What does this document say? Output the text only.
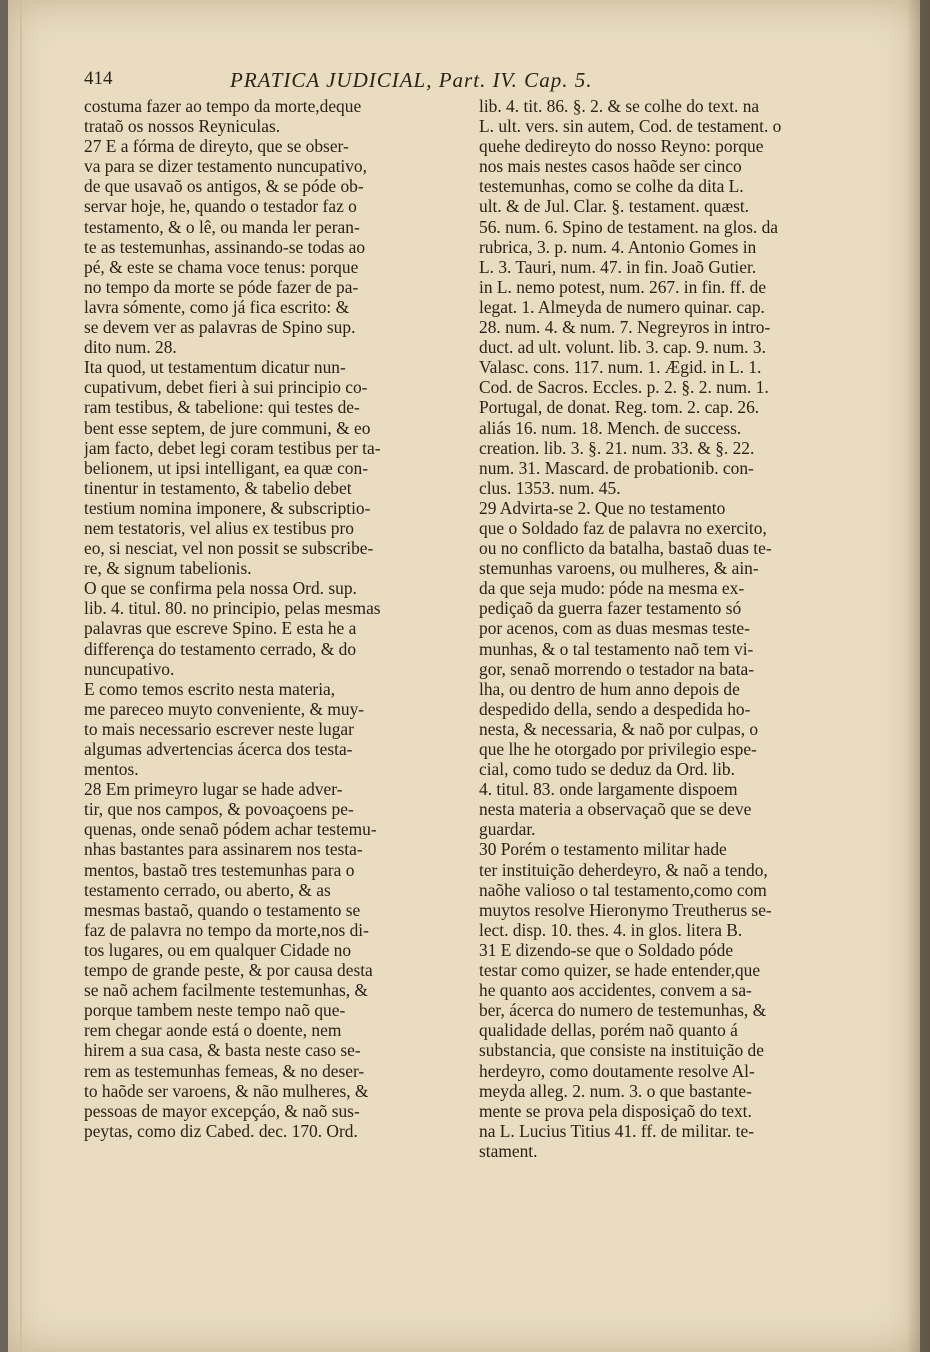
414	PRATICA JUDICIAL, Part. IV. Cap. 5.
costuma fazer ao tempo da morte,deque
trataõ os nossos Reyniculas.
27 E a fórma de direyto, que se obser-
va para se dizer testamento nuncupativo,
de que usavaõ os antigos, & se póde ob-
servar hoje, he, quando o testador faz o
testamento, & o lê, ou manda ler peran-
te as testemunhas, assinando-se todas ao
pé, & este se chama voce tenus: porque
no tempo da morte se póde fazer de pa-
lavra sómente, como já fica escrito: &
se devem ver as palavras de Spino sup.
dito num. 28.
Ita quod, ut testamentum dicatur nun-
cupativum, debet fieri à sui principio co-
ram testibus, & tabelione: qui testes de-
bent esse septem, de jure communi, & eo
jam facto, debet legi coram testibus per ta-
belionem, ut ipsi intelligant, ea quæ con-
tinentur in testamento, & tabelio debet
testium nomina imponere, & subscriptio-
nem testatoris, vel alius ex testibus pro
eo, si nesciat, vel non possit se subscribe-
re, & signum tabelionis.
O que se confirma pela nossa Ord. sup.
lib. 4. titul. 80. no principio, pelas mesmas
palavras que escreve Spino. E esta he a
differença do testamento cerrado, & do
nuncupativo.
E como temos escrito nesta materia,
me pareceo muyto conveniente, & muy-
to mais necessario escrever neste lugar
algumas advertencias ácerca dos testa-
mentos.
28 Em primeyro lugar se hade adver-
tir, que nos campos, & povoaçoens pe-
quenas, onde senaõ pódem achar testemu-
nhas bastantes para assinarem nos testa-
mentos, bastaõ tres testemunhas para o
testamento cerrado, ou aberto, & as
mesmas bastaõ, quando o testamento se
faz de palavra no tempo da morte,nos di-
tos lugares, ou em qualquer Cidade no
tempo de grande peste, & por causa desta
se naõ achem facilmente testemunhas, &
porque tambem neste tempo naõ que-
rem chegar aonde está o doente, nem
hirem a sua casa, & basta neste caso se-
rem as testemunhas femeas, & no deser-
to haõde ser varoens, & não mulheres, &
pessoas de mayor excepçáo, & naõ sus-
peytas, como diz Cabed. dec. 170. Ord.
lib. 4. tit. 86. §. 2. & se colhe do text. na
L. ult. vers. sin autem, Cod. de testament. o
quehe dedireyto do nosso Reyno: porque
nos mais nestes casos haõde ser cinco
testemunhas, como se colhe da dita L.
ult. & de Jul. Clar. §. testament. quæst.
56. num. 6. Spino de testament. na glos. da
rubrica, 3. p. num. 4. Antonio Gomes in
L. 3. Tauri, num. 47. in fin. Joaõ Gutier.
in L. nemo potest, num. 267. in fin. ff. de
legat. 1. Almeyda de numero quinar. cap.
28. num. 4. & num. 7. Negreyros in intro-
duct. ad ult. volunt. lib. 3. cap. 9. num. 3.
Valasc. cons. 117. num. 1. Ægid. in L. 1.
Cod. de Sacros. Eccles. p. 2. §. 2. num. 1.
Portugal, de donat. Reg. tom. 2. cap. 26.
aliás 16. num. 18. Mench. de success.
creation. lib. 3. §. 21. num. 33. & §. 22.
num. 31. Mascard. de probationib. con-
clus. 1353. num. 45.
29 Advirta-se 2. Que no testamento
que o Soldado faz de palavra no exercito,
ou no conflicto da batalha, bastaõ duas te-
stemunhas varoens, ou mulheres, & ain-
da que seja mudo: póde na mesma ex-
pediçaõ da guerra fazer testamento só
por acenos, com as duas mesmas teste-
munhas, & o tal testamento naõ tem vi-
gor, senaõ morrendo o testador na bata-
lha, ou dentro de hum anno depois de
despedido della, sendo a despedida ho-
nesta, & necessaria, & naõ por culpas, o
que lhe he otorgado por privilegio espe-
cial, como tudo se deduz da Ord. lib.
4. titul. 83. onde largamente dispoem
nesta materia a observaçaõ que se deve
guardar.
30 Porém o testamento militar hade
ter instituição deherdeyro, & naõ a tendo,
naõhe valioso o tal testamento,como com
muytos resolve Hieronymo Treutherus se-
lect. disp. 10. thes. 4. in glos. litera B.
31 E dizendo-se que o Soldado póde
testar como quizer, se hade entender,que
he quanto aos accidentes, convem a sa-
ber, ácerca do numero de testemunhas, &
qualidade dellas, porém naõ quanto á
substancia, que consiste na instituição de
herdeyro, como doutamente resolve Al-
meyda alleg. 2. num. 3. o que bastante-
mente se prova pela disposiçaõ do text.
na L. Lucius Titius 41. ff. de militar. te-
stament.
